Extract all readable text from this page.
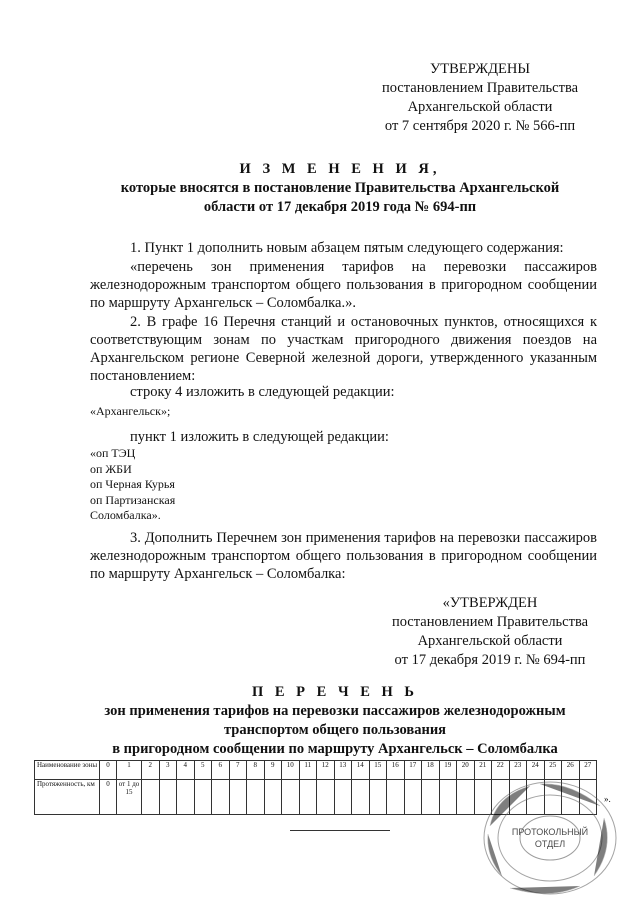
УТВЕРЖДЕНЫ
постановлением Правительства
Архангельской области
от 7 сентября 2020 г. № 566-пп
И З М Е Н Е Н И Я,
которые вносятся в постановление Правительства Архангельской
области от 17 декабря 2019 года № 694-пп

1. Пункт 1 дополнить новым абзацем пятым следующего содержания:

«перечень зон применения тарифов на перевозки пассажиров железнодорожным транспортом общего пользования в пригородном сообщении по маршруту Архангельск – Соломбалка.».

2. В графе 16 Перечня станций и остановочных пунктов, относящихся к соответствующим зонам по участкам пригородного движения поездов на Архангельском регионе Северной железной дороги, утвержденного указанным постановлением:

строку 4 изложить в следующей редакции:

«Архангельск»;

пункт 1 изложить в следующей редакции:

«оп ТЭЦ
оп ЖБИ
оп Черная Курья
оп Партизанская
Соломбалка».

3. Дополнить Перечнем зон применения тарифов на перевозки пассажиров железнодорожным транспортом общего пользования в пригородном сообщении по маршруту Архангельск – Соломбалка:

«УТВЕРЖДЕН
постановлением Правительства
Архангельской области
от 17 декабря 2019 г. № 694-пп
П Е Р Е Ч Е Н Ь
зон применения тарифов на перевозки пассажиров железнодорожным
транспортом общего пользования
в пригородном сообщении по маршруту Архангельск – Соломбалка
Наименование зоны	0	1	2	3	4	5	6	7	8	9	10	11	12	13	14	15	16	17	18	19	20	21	22	23	24	25	26	27
Протяженность, км	0	от 1 до 15																										
».
ПРОТОКОЛЬНЫЙ
ОТДЕЛ
